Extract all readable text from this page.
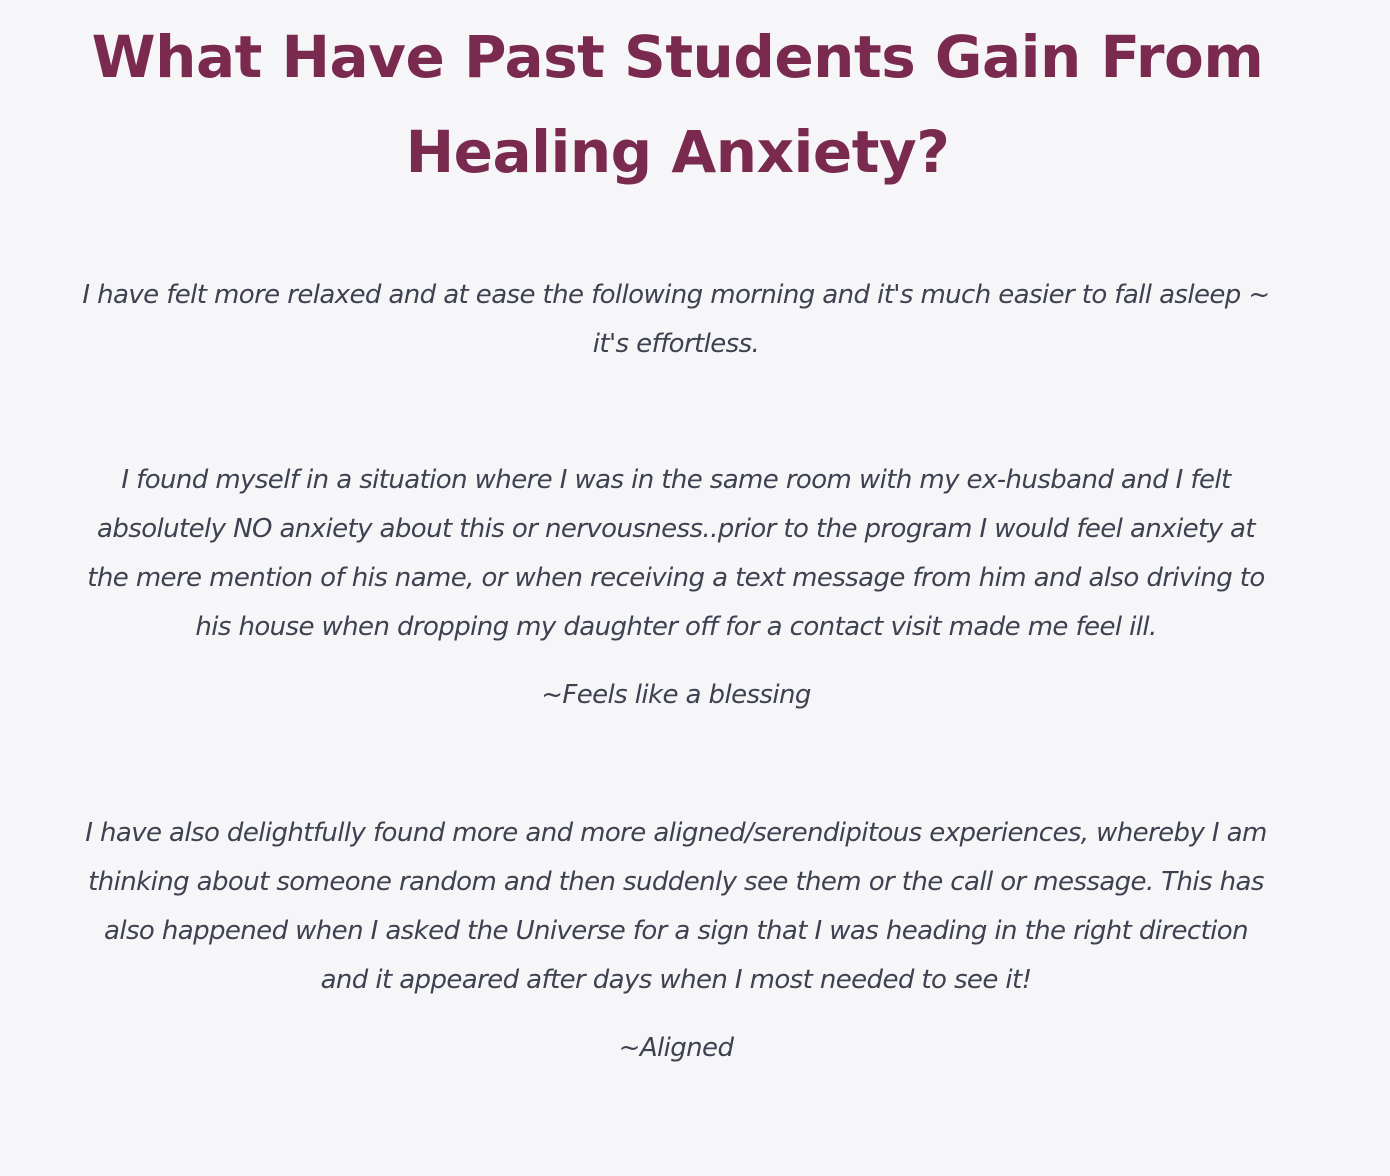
What Have Past Students Gain From Healing Anxiety?

I have felt more relaxed and at ease the following morning and it's much easier to fall asleep ~ it's effortless.

I found myself in a situation where I was in the same room with my ex-husband and I felt absolutely NO anxiety about this or nervousness..prior to the program I would feel anxiety at the mere mention of his name, or when receiving a text message from him and also driving to his house when dropping my daughter off for a contact visit made me feel ill.

~Feels like a blessing

I have also delightfully found more and more aligned/serendipitous experiences, whereby I am thinking about someone random and then suddenly see them or the call or message. This has also happened when I asked the Universe for a sign that I was heading in the right direction and it appeared after days when I most needed to see it!

~Aligned
